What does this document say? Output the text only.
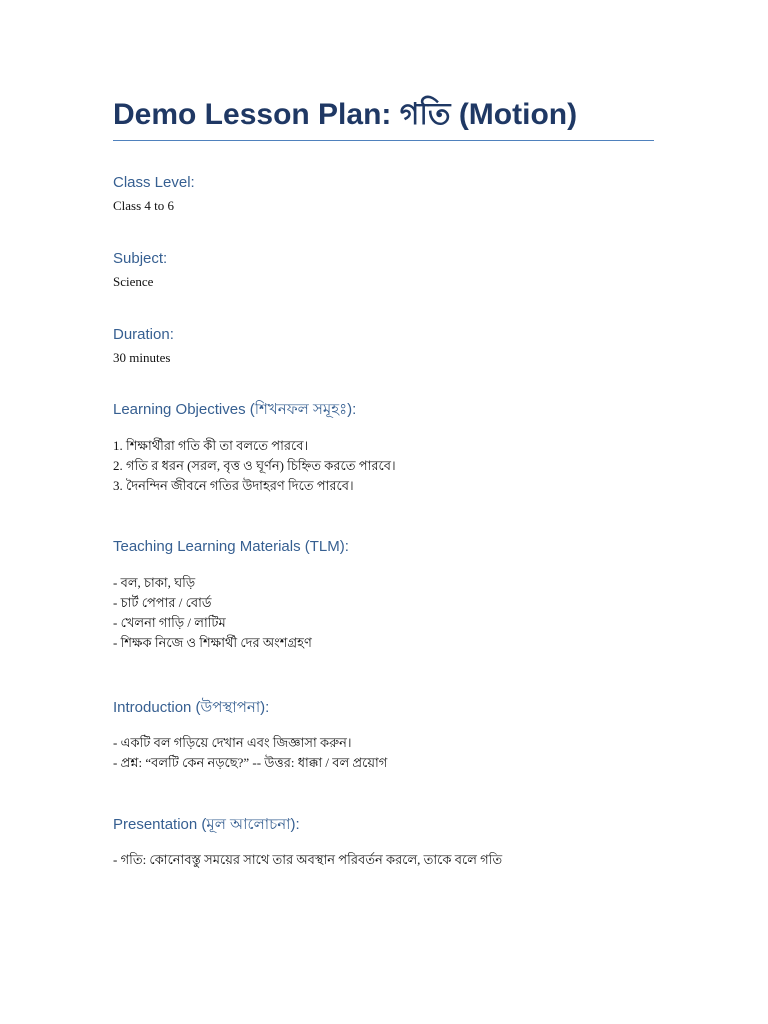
Demo Lesson Plan: গতি (Motion)
Class Level:

Class 4 to 6

Subject:

Science

Duration:

30 minutes

Learning Objectives (শিখনফল সমূহঃ):

1. শিক্ষার্থীরা গতি কী তা বলতে পারবে।

2. গতি র ধরন (সরল, বৃত্ত ও ঘূর্ণন) চিহ্নিত করতে পারবে।

3. দৈনন্দিন জীবনে গতির উদাহরণ দিতে পারবে।

Teaching Learning Materials (TLM):

- বল, চাকা, ঘড়ি

- চার্ট পেপার / বোর্ড

- খেলনা গাড়ি / লাটিম

- শিক্ষক নিজে ও শিক্ষার্থী দের অংশগ্রহণ

Introduction (উপস্থাপনা):

- একটি বল গড়িয়ে দেখান এবং জিজ্ঞাসা করুন।

- প্রশ্ন: “বলটি কেন নড়ছে?” -- উত্তর: ধাক্কা / বল প্রয়োগ

Presentation (মূল আলোচনা):

- গতি: কোনোবস্তু সময়ের সাথে তার অবস্থান পরিবর্তন করলে, তাকে বলে গতি
